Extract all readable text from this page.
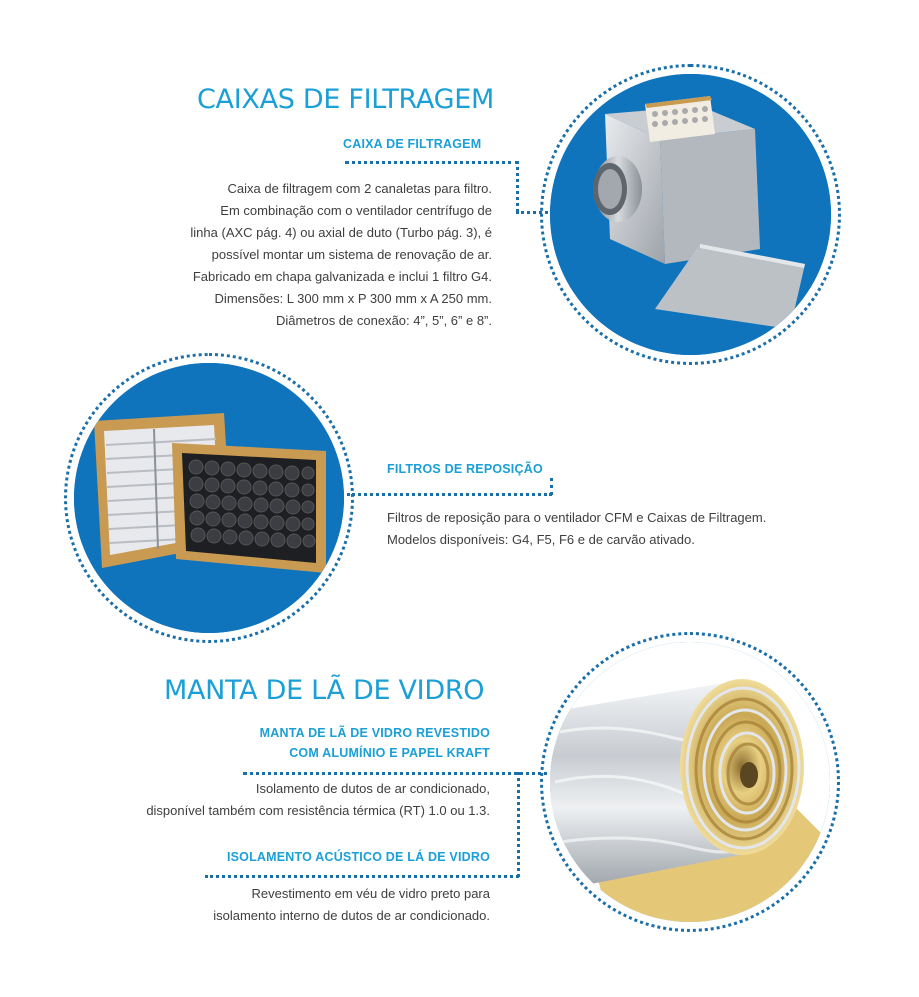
CAIXAS DE FILTRAGEM
CAIXA DE FILTRAGEM
Caixa de filtragem com 2 canaletas para filtro.
Em combinação com o ventilador centrífugo de
linha (AXC pág. 4) ou axial de duto (Turbo pág. 3), é
possível montar um sistema de renovação de ar.
Fabricado em chapa galvanizada e inclui 1 filtro G4.
Dimensões: L 300 mm x P 300 mm x A 250 mm.
Diâmetros de conexão: 4”, 5”, 6” e 8”.
FILTROS DE REPOSIÇÃO
Filtros de reposição para o ventilador CFM e Caixas de Filtragem.
Modelos disponíveis: G4, F5, F6 e de carvão ativado.
MANTA DE LÃ DE VIDRO
MANTA DE LÃ DE VIDRO REVESTIDO
COM ALUMÍNIO E PAPEL KRAFT
Isolamento de dutos de ar condicionado,
disponível também com resistência térmica (RT) 1.0 ou 1.3.
ISOLAMENTO ACÚSTICO DE LÁ DE VIDRO
Revestimento em véu de vidro preto para
isolamento interno de dutos de ar condicionado.
